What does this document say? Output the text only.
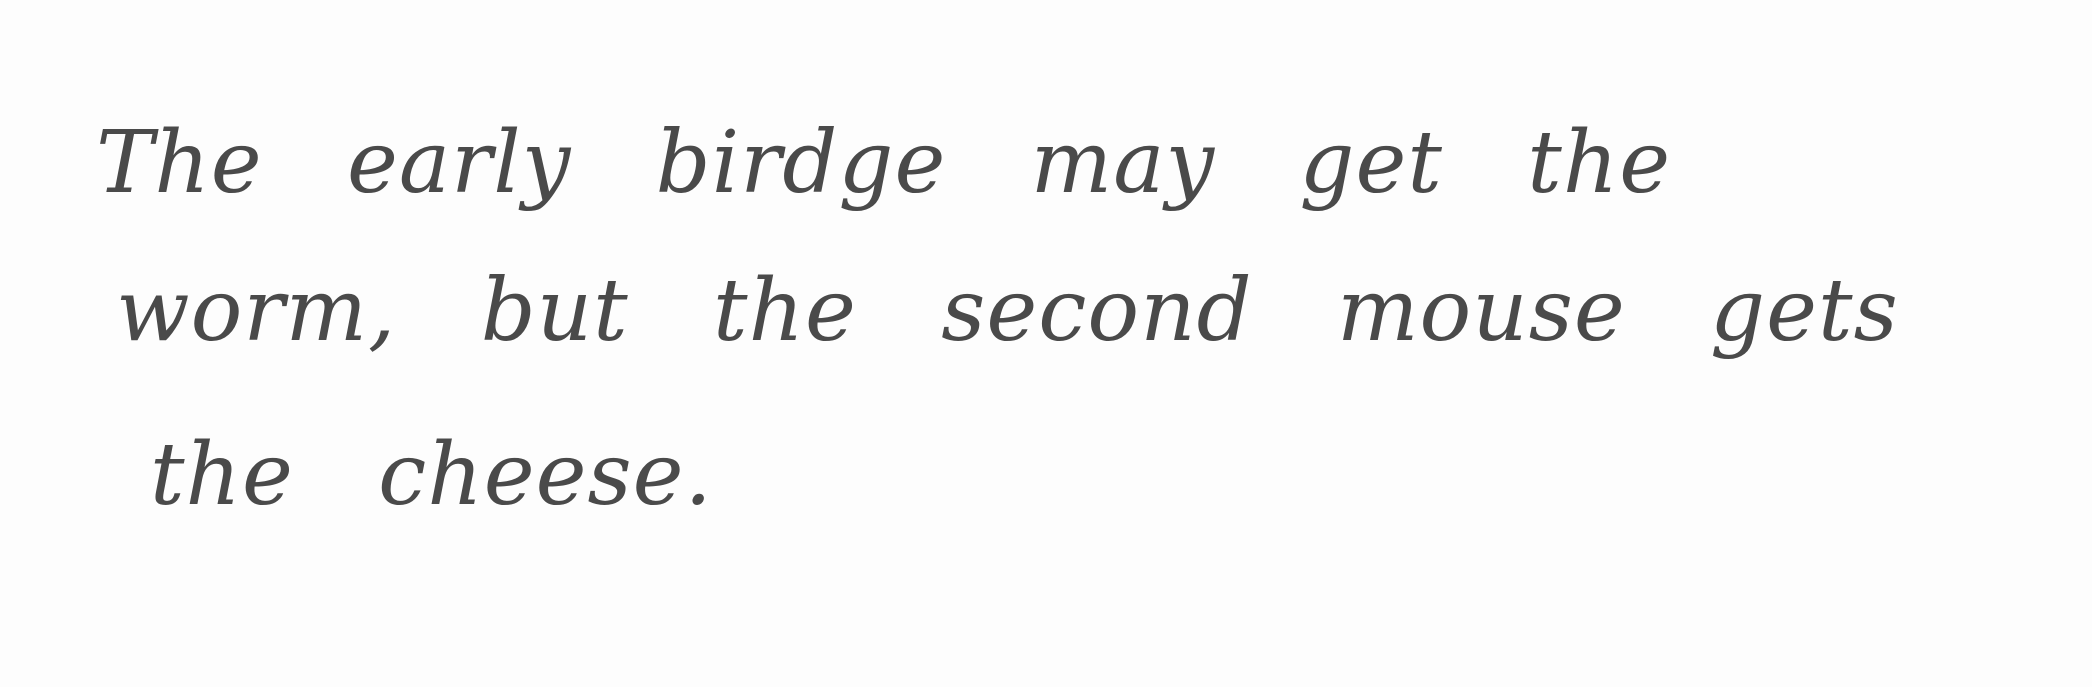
The early birdge may get the
worm, but the second mouse gets
the cheese.
